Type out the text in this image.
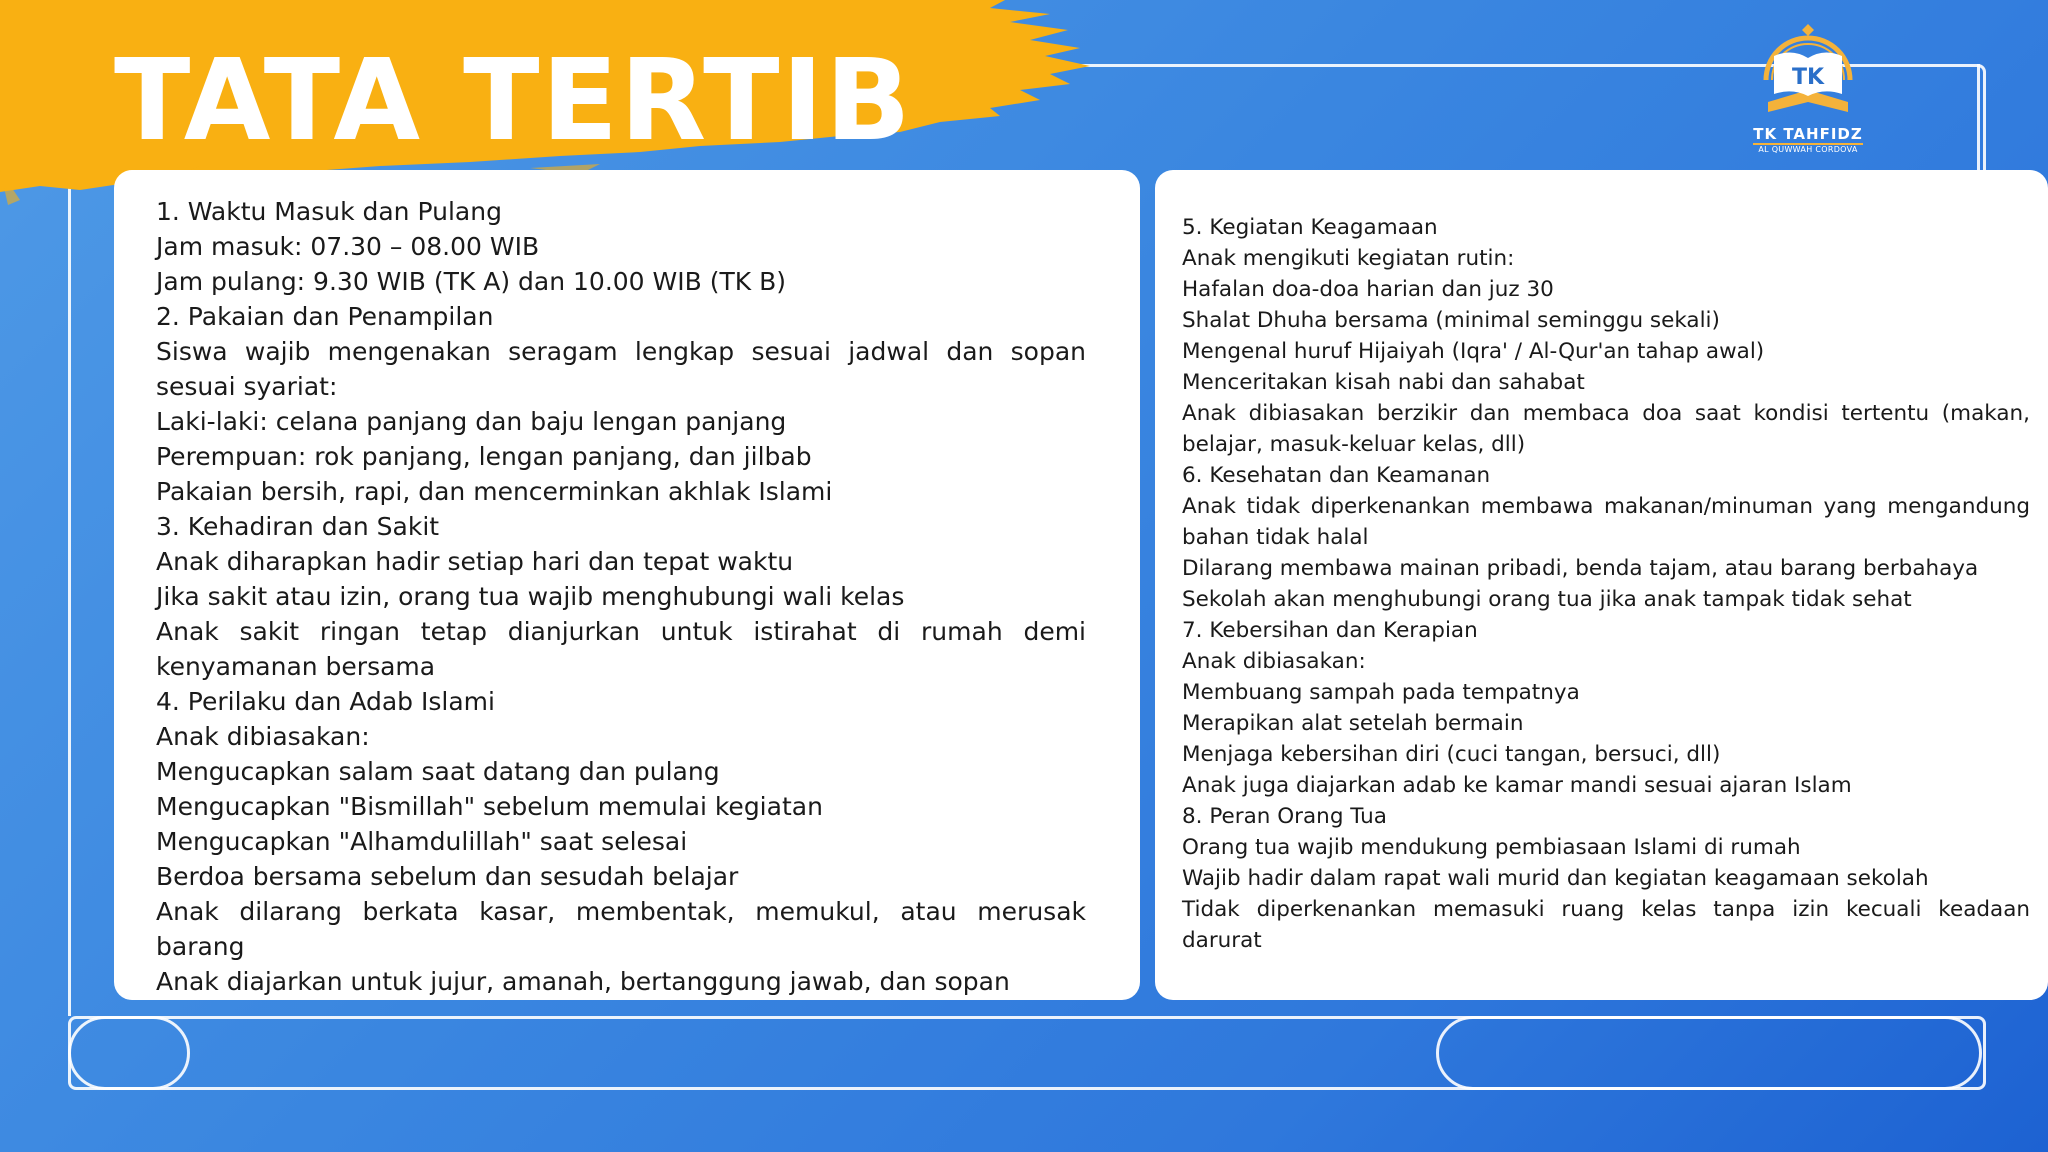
TATA TERTIB	TK
TK TAHFIDZ
AL QUWWAH CORDOVA
1. Waktu Masuk dan Pulang
Jam masuk: 07.30 – 08.00 WIB
Jam pulang: 9.30 WIB (TK A) dan 10.00 WIB (TK B)
2. Pakaian dan Penampilan
Siswa wajib mengenakan seragam lengkap sesuai jadwal dan sopan sesuai syariat:
Laki-laki: celana panjang dan baju lengan panjang
Perempuan: rok panjang, lengan panjang, dan jilbab
Pakaian bersih, rapi, dan mencerminkan akhlak Islami
3. Kehadiran dan Sakit
Anak diharapkan hadir setiap hari dan tepat waktu
Jika sakit atau izin, orang tua wajib menghubungi wali kelas
Anak sakit ringan tetap dianjurkan untuk istirahat di rumah demi kenyamanan bersama
4. Perilaku dan Adab Islami
Anak dibiasakan:
Mengucapkan salam saat datang dan pulang
Mengucapkan "Bismillah" sebelum memulai kegiatan
Mengucapkan "Alhamdulillah" saat selesai
Berdoa bersama sebelum dan sesudah belajar
Anak dilarang berkata kasar, membentak, memukul, atau merusak barang
Anak diajarkan untuk jujur, amanah, bertanggung jawab, dan sopan
5. Kegiatan Keagamaan
Anak mengikuti kegiatan rutin:
Hafalan doa-doa harian dan juz 30
Shalat Dhuha bersama (minimal seminggu sekali)
Mengenal huruf Hijaiyah (Iqra' / Al-Qur'an tahap awal)
Menceritakan kisah nabi dan sahabat
Anak dibiasakan berzikir dan membaca doa saat kondisi tertentu (makan, belajar, masuk-keluar kelas, dll)
6. Kesehatan dan Keamanan
Anak tidak diperkenankan membawa makanan/minuman yang mengandung bahan tidak halal
Dilarang membawa mainan pribadi, benda tajam, atau barang berbahaya
Sekolah akan menghubungi orang tua jika anak tampak tidak sehat
7. Kebersihan dan Kerapian
Anak dibiasakan:
Membuang sampah pada tempatnya
Merapikan alat setelah bermain
Menjaga kebersihan diri (cuci tangan, bersuci, dll)
Anak juga diajarkan adab ke kamar mandi sesuai ajaran Islam
8. Peran Orang Tua
Orang tua wajib mendukung pembiasaan Islami di rumah
Wajib hadir dalam rapat wali murid dan kegiatan keagamaan sekolah
Tidak diperkenankan memasuki ruang kelas tanpa izin kecuali keadaan darurat
